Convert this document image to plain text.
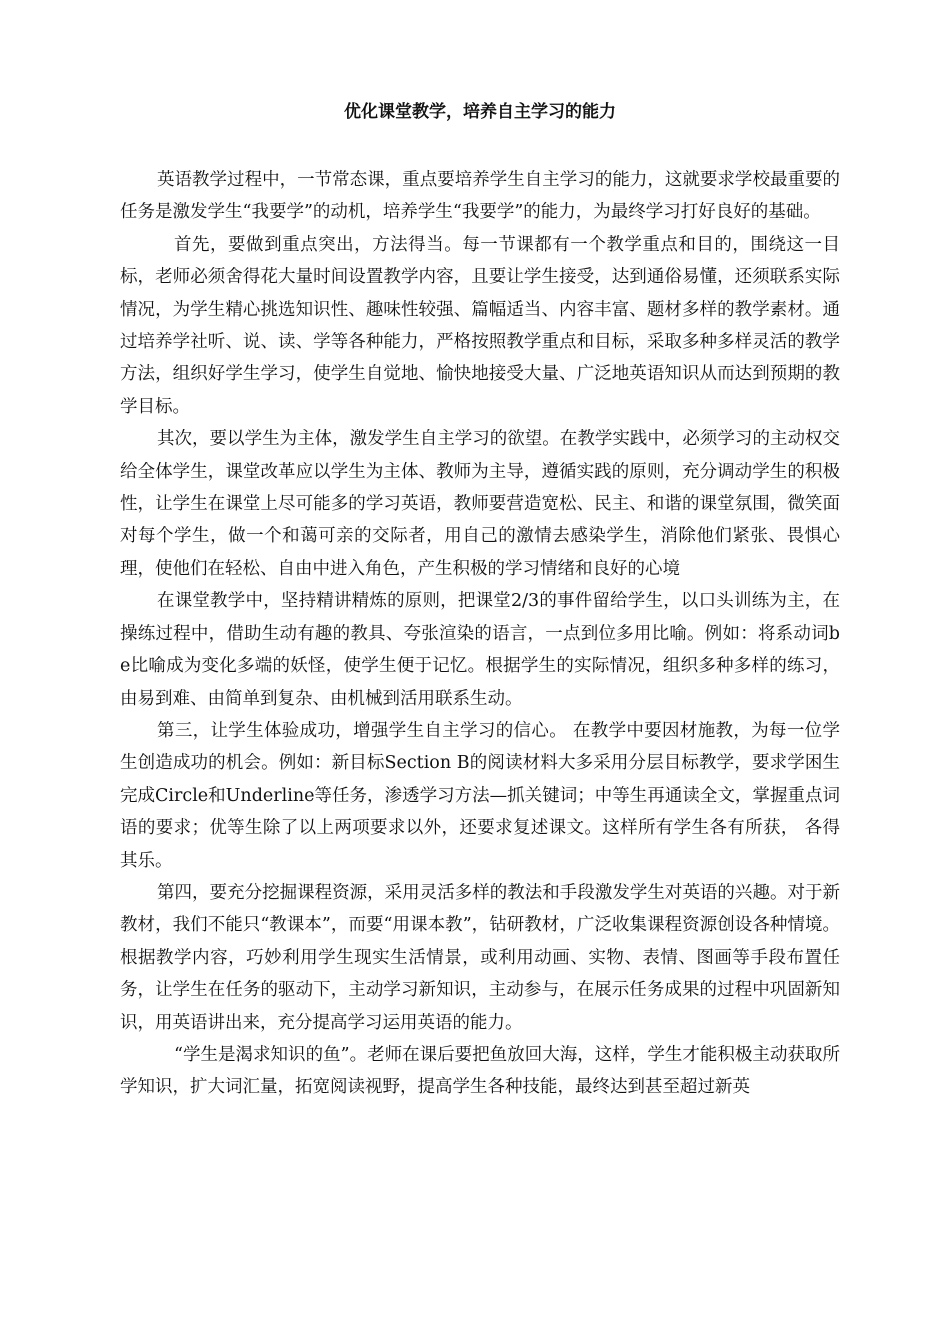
优化课堂教学，培养自主学习的能力

英语教学过程中，一节常态课，重点要培养学生自主学习的能力，这就要求学校最重要的任务是激发学生“我要学”的动机，培养学生“我要学”的能力，为最终学习打好良好的基础。

首先，要做到重点突出，方法得当。每一节课都有一个教学重点和目的，围绕这一目标，老师必须舍得花大量时间设置教学内容，且要让学生接受，达到通俗易懂，还须联系实际情况，为学生精心挑选知识性、趣味性较强、篇幅适当、内容丰富、题材多样的教学素材。通过培养学社听、说、读、学等各种能力，严格按照教学重点和目标，采取多种多样灵活的教学方法，组织好学生学习，使学生自觉地、愉快地接受大量、广泛地英语知识从而达到预期的教学目标。

其次，要以学生为主体，激发学生自主学习的欲望。在教学实践中，必须学习的主动权交给全体学生，课堂改革应以学生为主体、教师为主导，遵循实践的原则，充分调动学生的积极性，让学生在课堂上尽可能多的学习英语，教师要营造宽松、民主、和谐的课堂氛围，微笑面对每个学生，做一个和蔼可亲的交际者，用自己的激情去感染学生，消除他们紧张、畏惧心理，使他们在轻松、自由中进入角色，产生积极的学习情绪和良好的心境

在课堂教学中，坚持精讲精炼的原则，把课堂2/3的事件留给学生，以口头训练为主，在操练过程中，借助生动有趣的教具、夸张渲染的语言，一点到位多用比喻。例如：将系动词be比喻成为变化多端的妖怪，使学生便于记忆。根据学生的实际情况，组织多种多样的练习，由易到难、由简单到复杂、由机械到活用联系生动。

第三，让学生体验成功，增强学生自主学习的信心。 在教学中要因材施教，为每一位学生创造成功的机会。例如：新目标Section B的阅读材料大多采用分层目标教学，要求学困生完成Circle和Underline等任务，渗透学习方法—抓关键词；中等生再通读全文，掌握重点词语的要求；优等生除了以上两项要求以外，还要求复述课文。这样所有学生各有所获， 各得其乐。

第四，要充分挖掘课程资源，采用灵活多样的教法和手段激发学生对英语的兴趣。对于新教材，我们不能只“教课本”，而要“用课本教”，钻研教材，广泛收集课程资源创设各种情境。根据教学内容，巧妙利用学生现实生活情景，或利用动画、实物、表情、图画等手段布置任务，让学生在任务的驱动下，主动学习新知识，主动参与，在展示任务成果的过程中巩固新知识，用英语讲出来，充分提高学习运用英语的能力。

“学生是渴求知识的鱼”。老师在课后要把鱼放回大海，这样，学生才能积极主动获取所学知识，扩大词汇量，拓宽阅读视野，提高学生各种技能，最终达到甚至超过新英
